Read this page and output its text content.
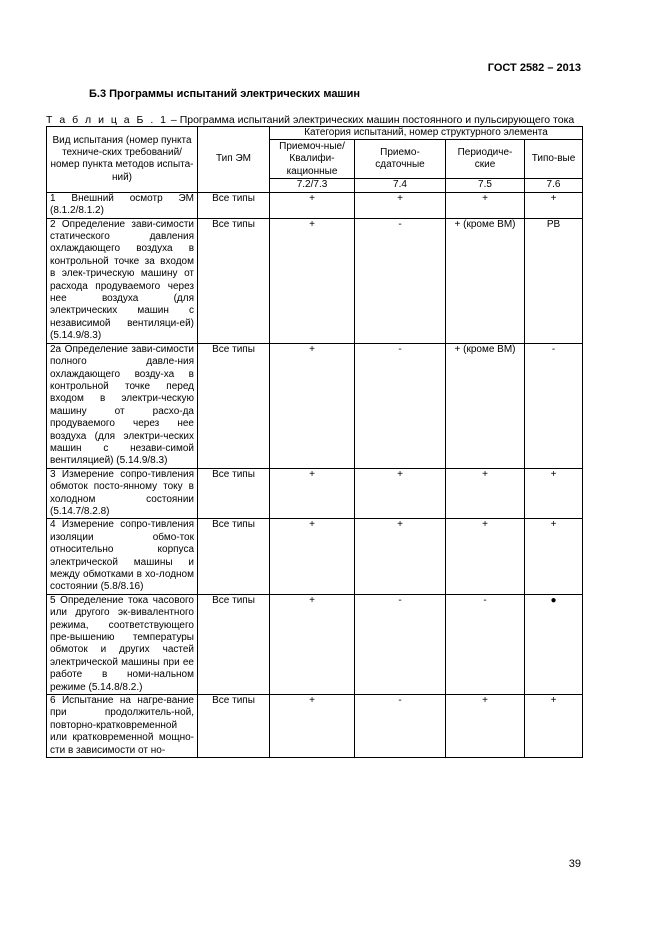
ГОСТ 2582 – 2013
Б.3 Программы испытаний электрических машин
Т а б л и ц а Б . 1 – Программа испытаний электрических машин постоянного и пульсирующего тока
Вид испытания (номер пункта техниче-ских требований/номер пункта методов испыта-ний)	Тип ЭМ	Категория испытаний, номер структурного элемента			
		Приемоч-ные/Квалифи-кационные	Приемо-сдаточные	Периодиче-ские	Типо-вые
		7.2/7.3	7.4	7.5	7.6
1 Внешний осмотр ЭМ (8.1.2/8.1.2)	Все типы	+	+	+	+
2 Определение зави-симости статического давления охлаждающего воздуха в контрольной точке за входом в элек-трическую машину от расхода продуваемого через нее воздуха (для электрических машин с независимой вентиляци-ей) (5.14.9/8.3)	Все типы	+	-	+ (кроме ВМ)	РВ
2а Определение зави-симости полного давле-ния охлаждающего возду-ха в контрольной точке перед входом в электри-ческую машину от расхо-да продуваемого через нее воздуха (для электри-ческих машин с незави-симой вентиляцией) (5.14.9/8.3)	Все типы	+	-	+ (кроме ВМ)	-
3 Измерение сопро-тивления обмоток посто-янному току в холодном состоянии (5.14.7/8.2.8)	Все типы	+	+	+	+
4 Измерение сопро-тивления изоляции обмо-ток относительно корпуса электрической машины и между обмотками в хо-лодном состоянии (5.8/8.16)	Все типы	+	+	+	+
5 Определение тока часового или другого эк-вивалентного режима, соответствующего пре-вышению температуры обмоток и других частей электрической машины при ее работе в номи-нальном режиме (5.14.8/8.2.)	Все типы	+	-	-	●
6 Испытание на нагре-вание при продолжитель-ной, повторно-кратковременной или кратковременной мощно-сти в зависимости от но-	Все типы	+	-	+	+
39
